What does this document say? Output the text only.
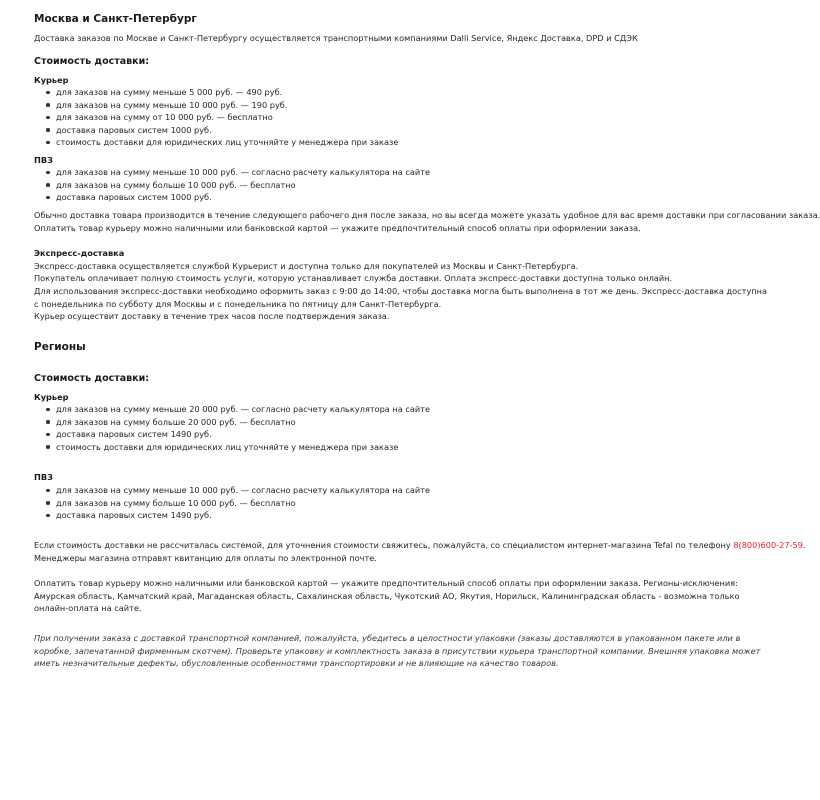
Москва и Санкт-Петербург

Доставка заказов по Москве и Санкт-Петербургу осуществляется транспортными компаниями Dalli Service, Яндекс Доставка, DPD и СДЭК

Стоимость доставки:
Курьер
для заказов на сумму меньше 5 000 руб. — 490 руб.
для заказов на сумму меньше 10 000 руб. — 190 руб.
для заказов на сумму от 10 000 руб. — бесплатно
доставка паровых систем 1000 руб.
стоимость доставки для юридических лиц уточняйте у менеджера при заказе
ПВЗ
для заказов на сумму меньше 10 000 руб. — согласно расчету калькулятора на сайте
для заказов на сумму больше 10 000 руб. — бесплатно
доставка паровых систем 1000 руб.

Обычно доставка товара производится в течение следующего рабочего дня после заказа, но вы всегда можете указать удобное для вас время доставки при согласовании заказа.

Оплатить товар курьеру можно наличными или банковской картой — укажите предпочтительный способ оплаты при оформлении заказа.

Экспресс-доставка

Экспресс-доставка осуществляется службой Курьерист и доступна только для покупателей из Москвы и Санкт-Петербурга.

Покупатель оплачивает полную стоимость услуги, которую устанавливает служба доставки. Оплата экспресс-доставки доступна только онлайн.

Для использования экспресс-доставки необходимо оформить заказ с 9:00 до 14:00, чтобы доставка могла быть выполнена в тот же день. Экспресс-доставка доступна с понедельника по субботу для Москвы и с понедельника по пятницу для Санкт-Петербурга.

Курьер осуществит доставку в течение трех часов после подтверждения заказа.

Регионы
Стоимость доставки:
Курьер
для заказов на сумму меньше 20 000 руб. — согласно расчету калькулятора на сайте
для заказов на сумму больше 20 000 руб. — бесплатно
доставка паровых систем 1490 руб.
стоимость доставки для юридических лиц уточняйте у менеджера при заказе
ПВЗ
для заказов на сумму меньше 10 000 руб. — согласно расчету калькулятора на сайте
для заказов на сумму больше 10 000 руб. — бесплатно
доставка паровых систем 1490 руб.

Если стоимость доставки не рассчиталась системой, для уточнения стоимости свяжитесь, пожалуйста, со специалистом интернет-магазина Tefal по телефону 8(800)600-27-59.

Менеджеры магазина отправят квитанцию для оплаты по электронной почте.

Оплатить товар курьеру можно наличными или банковской картой — укажите предпочтительный способ оплаты при оформлении заказа. Регионы-исключения: Амурская область, Камчатский край, Магаданская область, Сахалинская область, Чукотский АО, Якутия, Норильск, Калининградская область - возможна только онлайн-оплата на сайте.

При получении заказа с доставкой транспортной компанией, пожалуйста, убедитесь в целостности упаковки (заказы доставляются в упакованном пакете или в коробке, запечатанной фирменным скотчем). Проверьте упаковку и комплектность заказа в присутствии курьера транспортной компании. Внешняя упаковка может иметь незначительные дефекты, обусловленные особенностями транспортировки и не влияющие на качество товаров.
